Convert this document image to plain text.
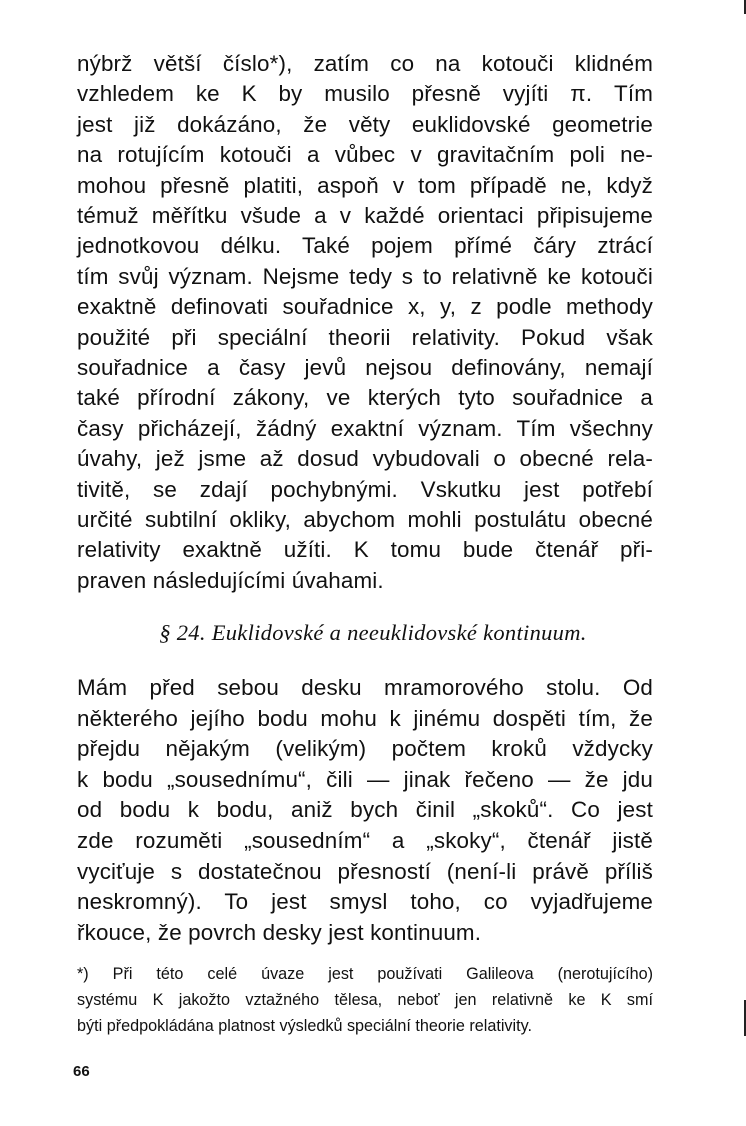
nýbrž větší číslo*), zatím co na kotouči klidném
vzhledem ke K by musilo přesně vyjíti π. Tím
jest již dokázáno, že věty euklidovské geometrie
na rotujícím kotouči a vůbec v gravitačním poli ne-
mohou přesně platiti, aspoň v tom případě ne, když
témuž měřítku všude a v každé orientaci připisujeme
jednotkovou délku. Také pojem přímé čáry ztrácí
tím svůj význam. Nejsme tedy s to relativně ke kotouči
exaktně definovati souřadnice x, y, z podle methody
použité při speciální theorii relativity. Pokud však
souřadnice a časy jevů nejsou definovány, nemají
také přírodní zákony, ve kterých tyto souřadnice a
časy přicházejí, žádný exaktní význam. Tím všechny
úvahy, jež jsme až dosud vybudovali o obecné rela-
tivitě, se zdají pochybnými. Vskutku jest potřebí
určité subtilní okliky, abychom mohli postulátu obecné
relativity exaktně užíti. K tomu bude čtenář při-
praven následujícími úvahami.
§ 24. Euklidovské a neeuklidovské kontinuum.
Mám před sebou desku mramorového stolu. Od
některého jejího bodu mohu k jinému dospěti tím, že
přejdu nějakým (velikým) počtem kroků vždycky
k bodu „sousednímu“, čili — jinak řečeno — že jdu
od bodu k bodu, aniž bych činil „skoků“. Co jest
zde rozuměti „sousedním“ a „skoky“, čtenář jistě
vyciťuje s dostatečnou přesností (není-li právě příliš
neskromný). To jest smysl toho, co vyjadřujeme
řkouce, že povrch desky jest kontinuum.
*) Při této celé úvaze jest používati Galileova (nerotujícího)
systému K jakožto vztažného tělesa, neboť jen relativně ke K smí
býti předpokládána platnost výsledků speciální theorie relativity.
66
